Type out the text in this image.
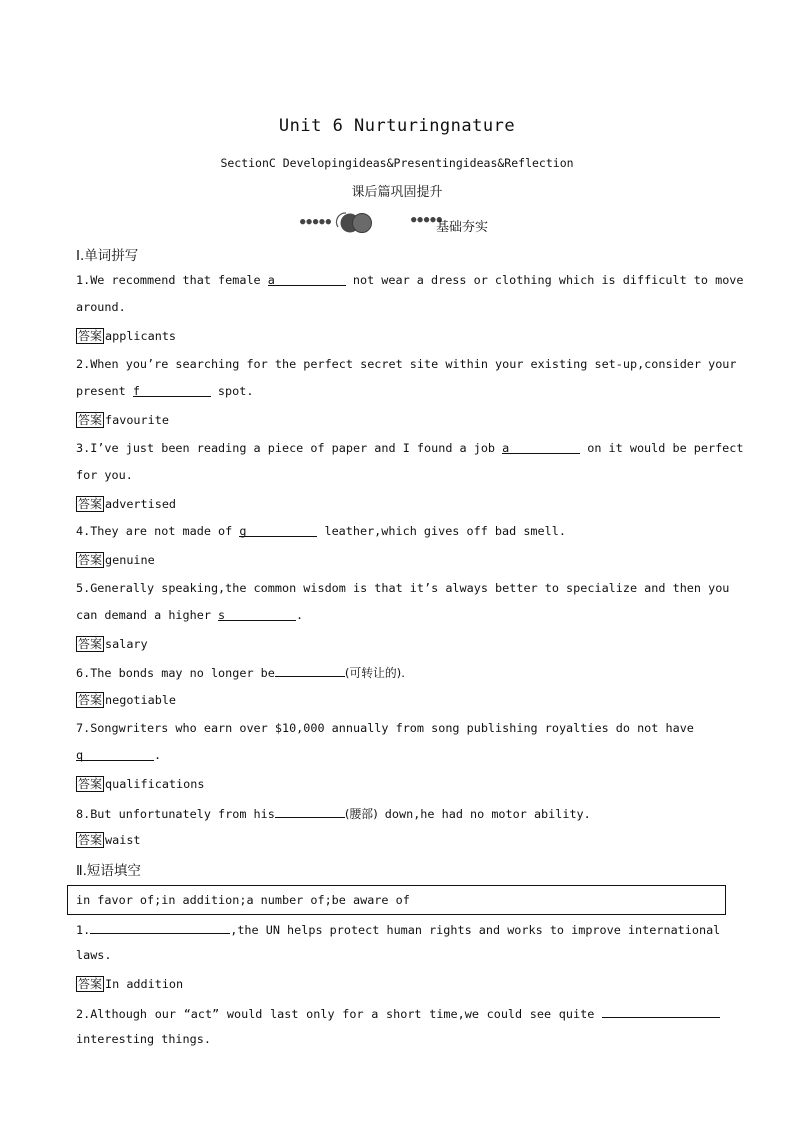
Unit 6 Nurturingnature
SectionC Developingideas&Presentingideas&Reflection
课后篇巩固提升
●●●●●	●●●●●
基础夯实
Ⅰ.单词拼写
1.We recommend that female a	not wear a dress or clothing which is difficult to move
around.
答案 applicants
2.When you’re searching for the perfect secret site within your existing set-up,consider your
present f	spot.
答案 favourite
3.I’ve just been reading a piece of paper and I found a job a	on it would be perfect
for you.
答案 advertised
4.They are not made of g	leather,which gives off bad smell.
答案 genuine
5.Generally speaking,the common wisdom is that it’s always better to specialize and then you
can demand a higher s	.
答案 salary
6.The bonds may no longer be	(可转让的).
答案 negotiable
7.Songwriters who earn over $10,000 annually from song publishing royalties do not have
q	.
答案 qualifications
8.But unfortunately from his	(腰部) down,he had no motor ability.
答案 waist
Ⅱ.短语填空
in favor of;in addition;a number of;be aware of
1.	,the UN helps protect human rights and works to improve international
laws.
答案 In addition
2.Although our “act” would last only for a short time,we could see quite
interesting things.
